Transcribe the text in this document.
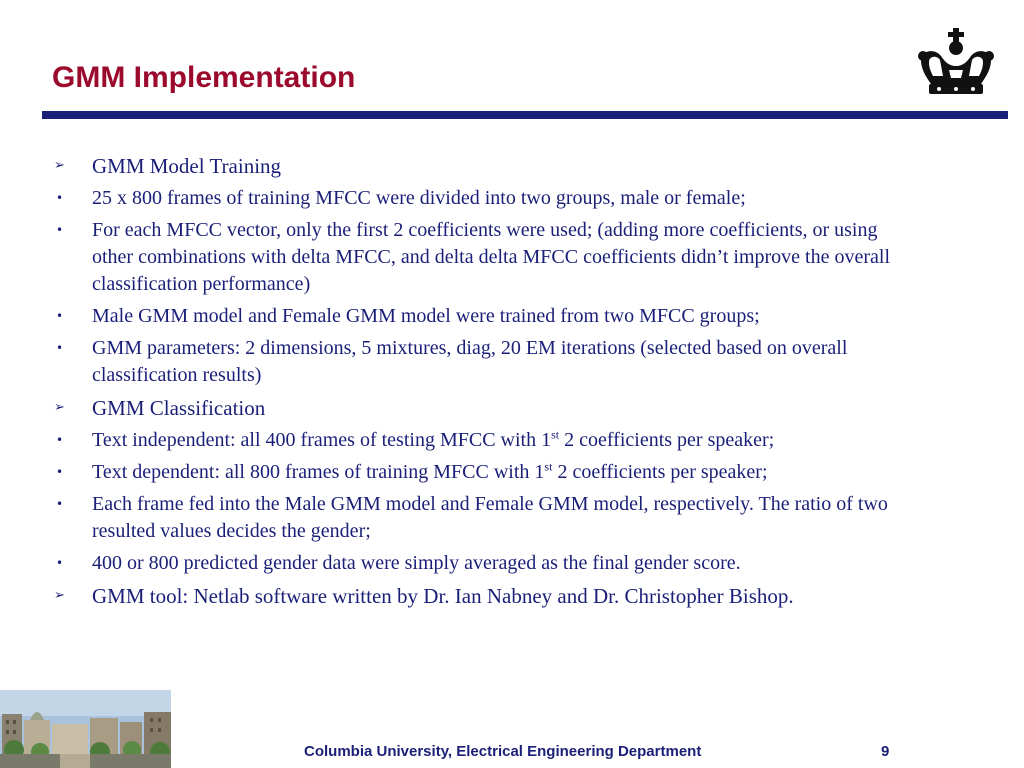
GMM Implementation
➢	GMM Model Training
•	25 x 800 frames of training MFCC were divided into two groups, male or female;
•	For each MFCC vector, only the first 2 coefficients were used; (adding more coefficients, or using other combinations with delta MFCC, and delta delta MFCC coefficients didn’t improve the overall classification performance)
•	Male GMM model and Female GMM model were trained from two MFCC groups;
•	GMM parameters: 2 dimensions, 5 mixtures, diag, 20 EM iterations (selected based on overall classification results)
➢	GMM Classification
•	Text independent: all 400 frames of testing MFCC with 1st 2 coefficients per speaker;
•	Text dependent: all 800 frames of training MFCC with 1st 2 coefficients per speaker;
•	Each frame fed into the Male GMM model and Female GMM model, respectively. The ratio of two resulted values decides the gender;
•	400 or 800 predicted gender data were simply averaged as the final gender score.
➢	GMM tool: Netlab software written by Dr. Ian Nabney and Dr. Christopher Bishop.
Columbia University, Electrical Engineering Department	9
